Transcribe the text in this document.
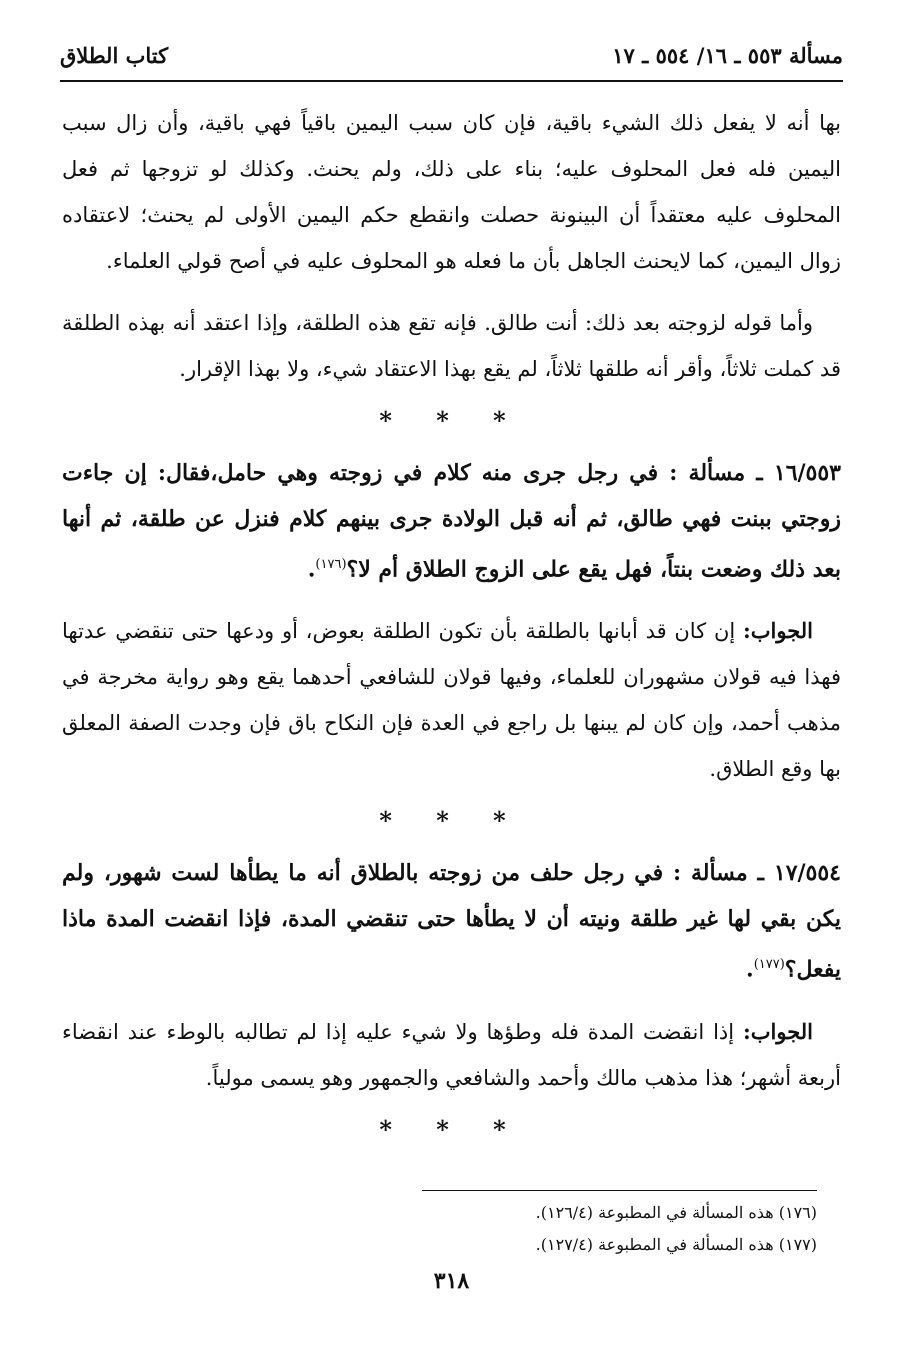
مسألة ٥٥٣ ـ ١٦/ ٥٥٤ ـ ١٧
كتاب الطلاق

بها أنه لا يفعل ذلك الشيء باقية، فإن كان سبب اليمين باقياً فهي باقية، وأن زال سبب اليمين فله فعل المحلوف عليه؛ بناء على ذلك، ولم يحنث. وكذلك لو تزوجها ثم فعل المحلوف عليه معتقداً أن البينونة حصلت وانقطع حكم اليمين الأولى لم يحنث؛ لاعتقاده زوال اليمين، كما لايحنث الجاهل بأن ما فعله هو المحلوف عليه في أصح قولي العلماء.

وأما قوله لزوجته بعد ذلك: أنت طالق. فإنه تقع هذه الطلقة، وإذا اعتقد أنه بهذه الطلقة قد كملت ثلاثاً، وأقر أنه طلقها ثلاثاً، لم يقع بهذا الاعتقاد شيء، ولا بهذا الإقرار.

* * *

١٦/٥٥٣ ـ مسألة : في رجل جرى منه كلام في زوجته وهي حامل،فقال: إن جاءت زوجتي ببنت فهي طالق، ثم أنه قبل الولادة جرى بينهم كلام فنزل عن طلقة، ثم أنها بعد ذلك وضعت بنتاً، فهل يقع على الزوج الطلاق أم لا؟$^{(١٧٦)}$.

الجواب: إن كان قد أبانها بالطلقة بأن تكون الطلقة بعوض، أو ودعها حتى تنقضي عدتها فهذا فيه قولان مشهوران للعلماء، وفيها قولان للشافعي أحدهما يقع وهو رواية مخرجة في مذهب أحمد، وإن كان لم يبنها بل راجع في العدة فإن النكاح باق فإن وجدت الصفة المعلق بها وقع الطلاق.

* * *

١٧/٥٥٤ ـ مسألة : في رجل حلف من زوجته بالطلاق أنه ما يطأها لست شهور، ولم يكن بقي لها غير طلقة ونيته أن لا يطأها حتى تنقضي المدة، فإذا انقضت المدة ماذا يفعل؟$^{(١٧٧)}$.

الجواب: إذا انقضت المدة فله وطؤها ولا شيء عليه إذا لم تطالبه بالوطء عند انقضاء أربعة أشهر؛ هذا مذهب مالك وأحمد والشافعي والجمهور وهو يسمى مولياً.

* * *
(١٧٦) هذه المسألة في المطبوعة (١٢٦/٤).
(١٧٧) هذه المسألة في المطبوعة (١٢٧/٤).
٣١٨
